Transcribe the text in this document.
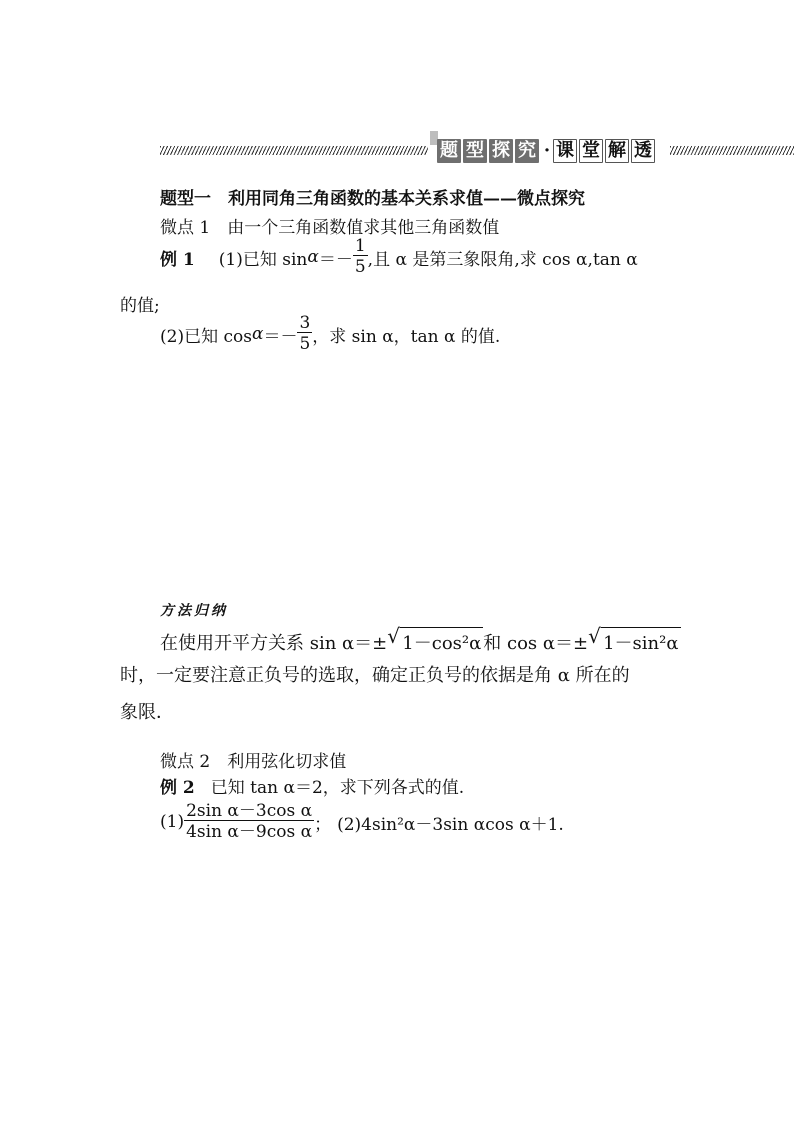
题 型 探 究 · 课 堂 解 透
题型一　利用同角三角函数的基本关系求值——微点探究
微点 1　由一个三角函数值求其他三角函数值
例 1 (1)已知 $\sin \alpha =- \frac{1}{5}$ ,且 α 是第三象限角,求 cos α,tan α
的值;
(2)已知 $\cos \alpha =- \frac{3}{5}$ ，求 sin α，tan α 的值.
方法归纳
在使用开平方关系 sin α＝± √ 1－cos²α 和 cos α＝± √ 1－sin²α
时，一定要注意正负号的选取，确定正负号的依据是角 α 所在的
象限．
微点 2　利用弦化切求值
例 2 已知 tan α＝2，求下列各式的值.
$(1) \frac{\text{2sin α－3cos α}}{\text{4sin α－9cos α}}$ ； (2)4sin²α－3sin αcos α＋1.
